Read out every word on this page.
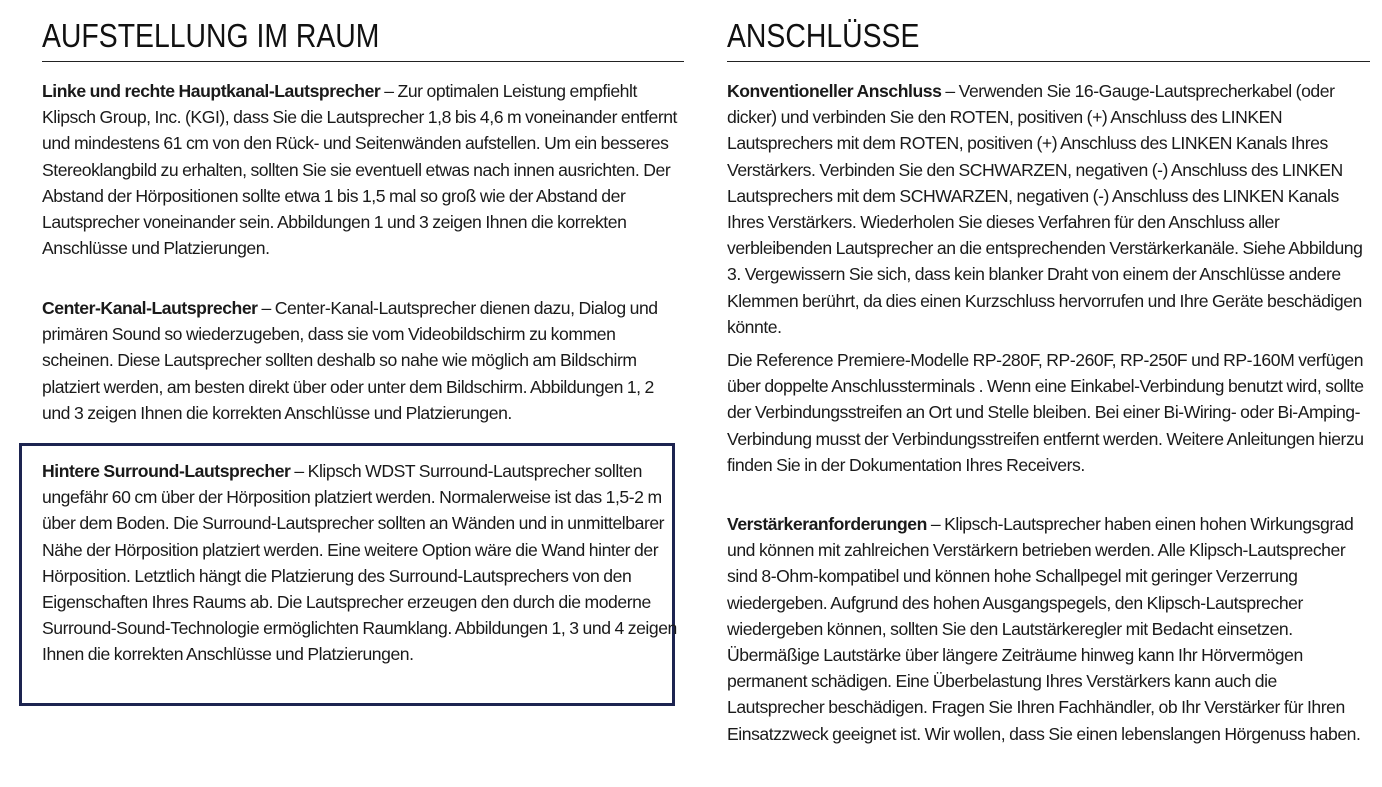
AUFSTELLUNG IM RAUM

Linke und rechte Hauptkanal-Lautsprecher – Zur optimalen Leistung empfiehlt Klipsch Group, Inc. (KGI), dass Sie die Lautsprecher 1,8 bis 4,6 m voneinander entfernt und mindestens 61 cm von den Rück- und Seitenwänden aufstellen. Um ein besseres Stereoklangbild zu erhalten, sollten Sie sie eventuell etwas nach innen ausrichten. Der Abstand der Hörpositionen sollte etwa 1 bis 1,5 mal so groß wie der Abstand der Lautsprecher voneinander sein. Abbildungen 1 und 3 zeigen Ihnen die korrekten Anschlüsse und Platzierungen.

Center-Kanal-Lautsprecher – Center-Kanal-Lautsprecher dienen dazu, Dialog und primären Sound so wiederzugeben, dass sie vom Videobildschirm zu kommen scheinen. Diese Lautsprecher sollten deshalb so nahe wie möglich am Bildschirm platziert werden, am besten direkt über oder unter dem Bildschirm. Abbildungen 1, 2 und 3 zeigen Ihnen die korrekten Anschlüsse und Platzierungen.

Hintere Surround-Lautsprecher – Klipsch WDST Surround-Lautsprecher sollten ungefähr 60 cm über der Hörposition platziert werden. Normalerweise ist das 1,5-2 m über dem Boden. Die Surround-Lautsprecher sollten an Wänden und in unmittelbarer Nähe der Hörposition platziert werden. Eine weitere Option wäre die Wand hinter der Hörposition. Letztlich hängt die Platzierung des Surround-Lautsprechers von den Eigenschaften Ihres Raums ab. Die Lautsprecher erzeugen den durch die moderne Surround-Sound-Technologie ermöglichten Raumklang. Abbildungen 1, 3 und 4 zeigen Ihnen die korrekten Anschlüsse und Platzierungen.

ANSCHLÜSSE

Konventioneller Anschluss – Verwenden Sie 16-Gauge-Lautsprecherkabel (oder dicker) und verbinden Sie den ROTEN, positiven (+) Anschluss des LINKEN Lautsprechers mit dem ROTEN, positiven (+) Anschluss des LINKEN Kanals Ihres Verstärkers. Verbinden Sie den SCHWARZEN, negativen (-) Anschluss des LINKEN Lautsprechers mit dem SCHWARZEN, negativen (-) Anschluss des LINKEN Kanals Ihres Verstärkers. Wiederholen Sie dieses Verfahren für den Anschluss aller verbleibenden Lautsprecher an die entsprechenden Verstärkerkanäle. Siehe Abbildung 3. Vergewissern Sie sich, dass kein blanker Draht von einem der Anschlüsse andere Klemmen berührt, da dies einen Kurzschluss hervorrufen und Ihre Geräte beschädigen könnte.

Die Reference Premiere-Modelle RP-280F, RP-260F, RP-250F und RP-160M verfügen über doppelte Anschlussterminals . Wenn eine Einkabel-Verbindung benutzt wird, sollte der Verbindungsstreifen an Ort und Stelle bleiben. Bei einer Bi-Wiring- oder Bi-Amping-Verbindung musst der Verbindungsstreifen entfernt werden. Weitere Anleitungen hierzu finden Sie in der Dokumentation Ihres Receivers.

Verstärkeranforderungen – Klipsch-Lautsprecher haben einen hohen Wirkungsgrad und können mit zahlreichen Verstärkern betrieben werden. Alle Klipsch-Lautsprecher sind 8-Ohm-kompatibel und können hohe Schallpegel mit geringer Verzerrung wiedergeben. Aufgrund des hohen Ausgangspegels, den Klipsch-Lautsprecher wiedergeben können, sollten Sie den Lautstärkeregler mit Bedacht einsetzen. Übermäßige Lautstärke über längere Zeiträume hinweg kann Ihr Hörvermögen permanent schädigen. Eine Überbelastung Ihres Verstärkers kann auch die Lautsprecher beschädigen. Fragen Sie Ihren Fachhändler, ob Ihr Verstärker für Ihren Einsatzzweck geeignet ist. Wir wollen, dass Sie einen lebenslangen Hörgenuss haben.
